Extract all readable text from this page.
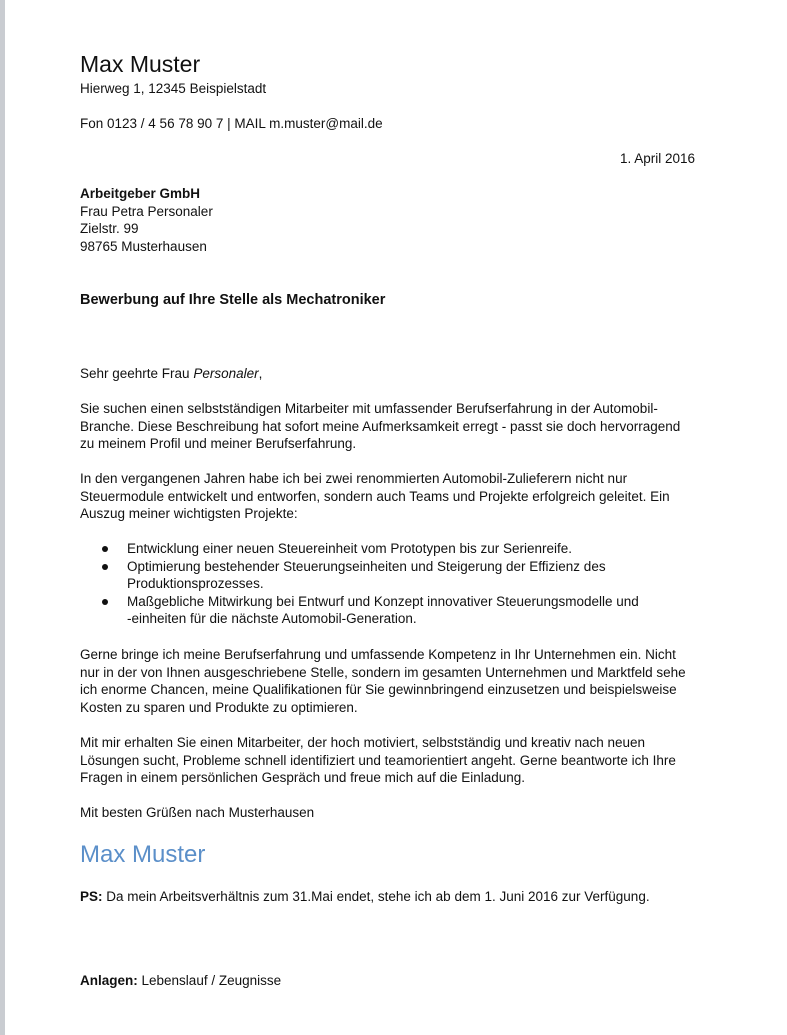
Max Muster
Hierweg 1, 12345 Beispielstadt
Fon 0123 / 4 56 78 90 7 | MAIL m.muster@mail.de
1. April 2016
Arbeitgeber GmbH
Frau Petra Personaler
Zielstr. 99
98765 Musterhausen
Bewerbung auf Ihre Stelle als Mechatroniker
Sehr geehrte Frau Personaler,
Sie suchen einen selbstständigen Mitarbeiter mit umfassender Berufserfahrung in der Automobil-Branche. Diese Beschreibung hat sofort meine Aufmerksamkeit erregt - passt sie doch hervorragend zu meinem Profil und meiner Berufserfahrung.
In den vergangenen Jahren habe ich bei zwei renommierten Automobil-Zulieferern nicht nur Steuermodule entwickelt und entworfen, sondern auch Teams und Projekte erfolgreich geleitet. Ein Auszug meiner wichtigsten Projekte:
Entwicklung einer neuen Steuereinheit vom Prototypen bis zur Serienreife.
Optimierung bestehender Steuerungseinheiten und Steigerung der Effizienz des Produktionsprozesses.
Maßgebliche Mitwirkung bei Entwurf und Konzept innovativer Steuerungsmodelle und -einheiten für die nächste Automobil-Generation.
Gerne bringe ich meine Berufserfahrung und umfassende Kompetenz in Ihr Unternehmen ein. Nicht nur in der von Ihnen ausgeschriebene Stelle, sondern im gesamten Unternehmen und Marktfeld sehe ich enorme Chancen, meine Qualifikationen für Sie gewinnbringend einzusetzen und beispielsweise Kosten zu sparen und Produkte zu optimieren.
Mit mir erhalten Sie einen Mitarbeiter, der hoch motiviert, selbstständig und kreativ nach neuen Lösungen sucht, Probleme schnell identifiziert und teamorientiert angeht. Gerne beantworte ich Ihre Fragen in einem persönlichen Gespräch und freue mich auf die Einladung.
Mit besten Grüßen nach Musterhausen
Max Muster
PS: Da mein Arbeitsverhältnis zum 31.Mai endet, stehe ich ab dem 1. Juni 2016 zur Verfügung.
Anlagen: Lebenslauf / Zeugnisse
